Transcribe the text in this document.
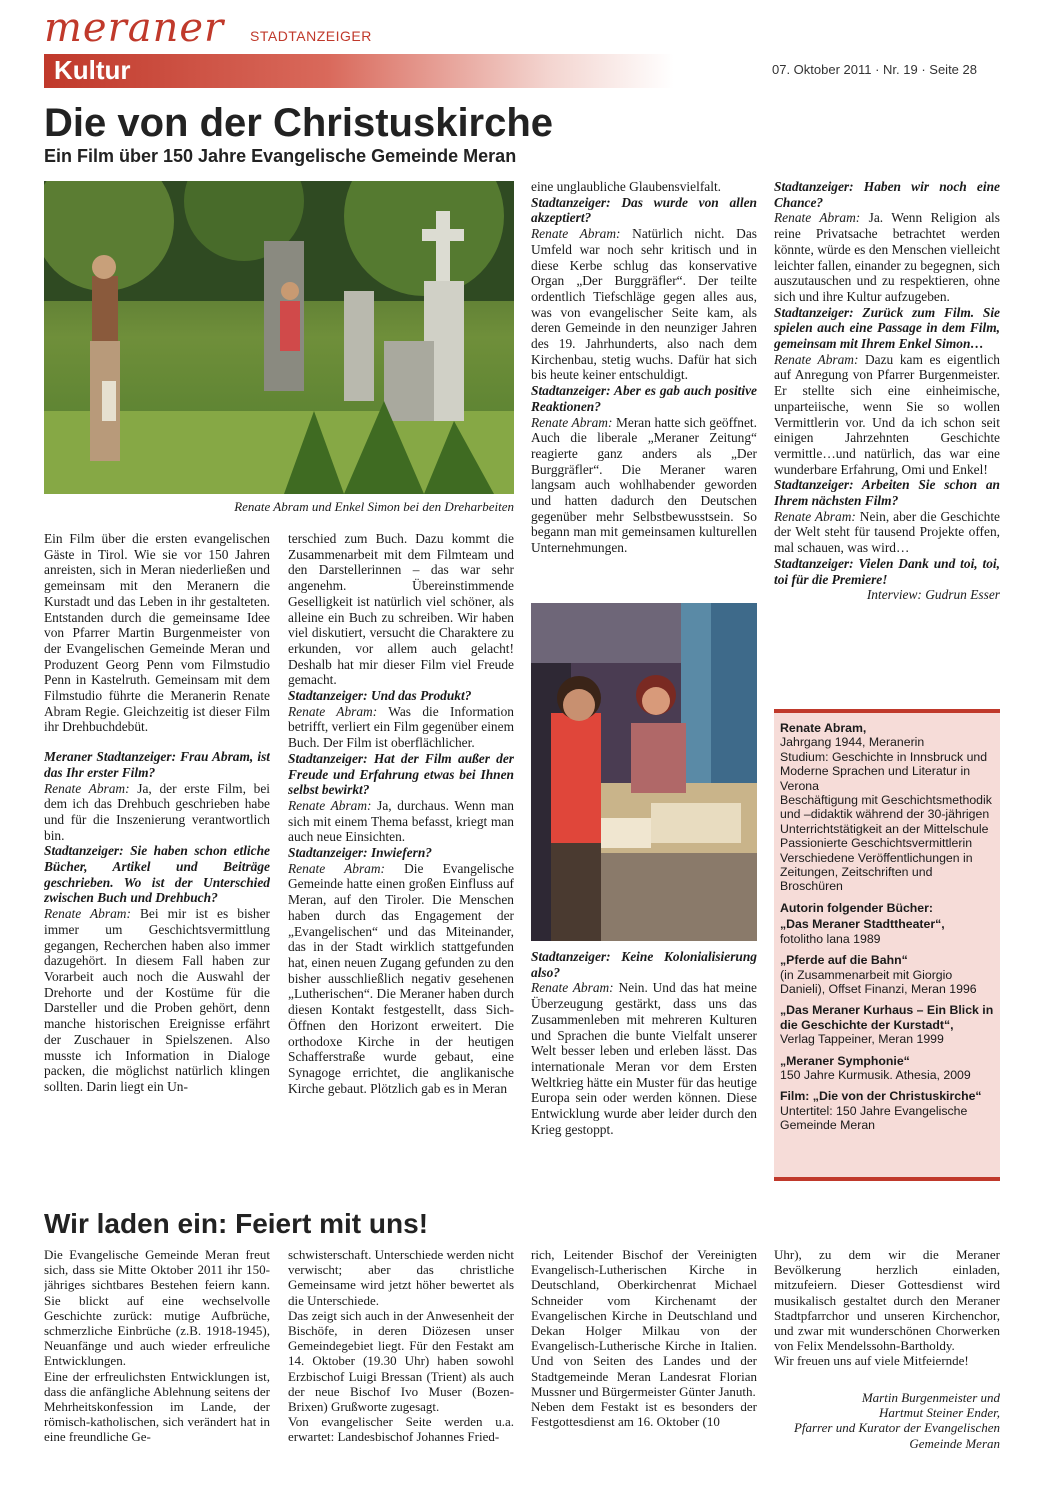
meraner STADTANZEIGER
Kultur	07. Oktober 2011 · Nr. 19 · Seite 28
Die von der Christuskirche
Ein Film über 150 Jahre Evangelische Gemeinde Meran
Renate Abram und Enkel Simon bei den Dreharbeiten

Ein Film über die ersten evangelischen Gäste in Tirol. Wie sie vor 150 Jahren anreisten, sich in Meran niederließen und gemeinsam mit den Meranern die Kurstadt und das Leben in ihr gestalteten. Entstanden durch die gemeinsame Idee von Pfarrer Martin Burgenmeister von der Evangelischen Gemeinde Meran und Produzent Georg Penn vom Filmstudio Penn in Kastelruth. Gemeinsam mit dem Filmstudio führte die Meranerin Renate Abram Regie. Gleichzeitig ist dieser Film ihr Drehbuchdebüt.

Meraner Stadtanzeiger: Frau Abram, ist das Ihr erster Film?
Renate Abram: Ja, der erste Film, bei dem ich das Drehbuch geschrieben habe und für die Inszenierung verantwortlich bin.

Stadtanzeiger: Sie haben schon etliche Bücher, Artikel und Beiträge geschrieben. Wo ist der Unterschied zwischen Buch und Drehbuch?
Renate Abram: Bei mir ist es bisher immer um Geschichtsvermittlung gegangen, Recherchen haben also immer dazugehört. In diesem Fall haben zur Vorarbeit auch noch die Auswahl der Drehorte und der Kostüme für die Darsteller und die Proben gehört, denn manche historischen Ereignisse erfährt der Zuschauer in Spielszenen. Also musste ich Information in Dialoge packen, die möglichst natürlich klingen sollten. Darin liegt ein Un-

terschied zum Buch. Dazu kommt die Zusammenarbeit mit dem Filmteam und den Darstellerinnen – das war sehr angenehm. Übereinstimmende Geselligkeit ist natürlich viel schöner, als alleine ein Buch zu schreiben. Wir haben viel diskutiert, versucht die Charaktere zu erkunden, vor allem auch gelacht! Deshalb hat mir dieser Film viel Freude gemacht.

Stadtanzeiger: Und das Produkt?
Renate Abram: Was die Information betrifft, verliert ein Film gegenüber einem Buch. Der Film ist oberflächlicher.

Stadtanzeiger: Hat der Film außer der Freude und Erfahrung etwas bei Ihnen selbst bewirkt?
Renate Abram: Ja, durchaus. Wenn man sich mit einem Thema befasst, kriegt man auch neue Einsichten.

Stadtanzeiger: Inwiefern?
Renate Abram: Die Evangelische Gemeinde hatte einen großen Einfluss auf Meran, auf den Tiroler. Die Menschen haben durch das Engagement der „Evangelischen“ und das Miteinander, das in der Stadt wirklich stattgefunden hat, einen neuen Zugang gefunden zu den bisher ausschließlich negativ gesehenen „Lutherischen“. Die Meraner haben durch diesen Kontakt festgestellt, dass Sich-Öffnen den Horizont erweitert. Die orthodoxe Kirche in der heutigen Schafferstraße wurde gebaut, eine Synagoge errichtet, die anglikanische Kirche gebaut. Plötzlich gab es in Meran

eine unglaubliche Glaubensvielfalt.

Stadtanzeiger: Das wurde von allen akzeptiert?
Renate Abram: Natürlich nicht. Das Umfeld war noch sehr kritisch und in diese Kerbe schlug das konservative Organ „Der Burggräfler“. Der teilte ordentlich Tiefschläge gegen alles aus, was von evangelischer Seite kam, als deren Gemeinde in den neunziger Jahren des 19. Jahrhunderts, also nach dem Kirchenbau, stetig wuchs. Dafür hat sich bis heute keiner entschuldigt.

Stadtanzeiger: Aber es gab auch positive Reaktionen?
Renate Abram: Meran hatte sich geöffnet. Auch die liberale „Meraner Zeitung“ reagierte ganz anders als „Der Burggräfler“. Die Meraner waren langsam auch wohlhabender geworden und hatten dadurch den Deutschen gegenüber mehr Selbstbewusstsein. So begann man mit gemeinsamen kulturellen Unternehmungen.

Stadtanzeiger: Keine Kolonialisierung also?
Renate Abram: Nein. Und das hat meine Überzeugung gestärkt, dass uns das Zusammenleben mit mehreren Kulturen und Sprachen die bunte Vielfalt unserer Welt besser leben und erleben lässt. Das internationale Meran vor dem Ersten Weltkrieg hätte ein Muster für das heutige Europa sein oder werden können. Diese Entwicklung wurde aber leider durch den Krieg gestoppt.

Stadtanzeiger: Haben wir noch eine Chance?
Renate Abram: Ja. Wenn Religion als reine Privatsache betrachtet werden könnte, würde es den Menschen vielleicht leichter fallen, einander zu begegnen, sich auszutauschen und zu respektieren, ohne sich und ihre Kultur aufzugeben.

Stadtanzeiger: Zurück zum Film. Sie spielen auch eine Passage in dem Film, gemeinsam mit Ihrem Enkel Simon…
Renate Abram: Dazu kam es eigentlich auf Anregung von Pfarrer Burgenmeister. Er stellte sich eine einheimische, unparteiische, wenn Sie so wollen Vermittlerin vor. Und da ich schon seit einigen Jahrzehnten Geschichte vermittle…und natürlich, das war eine wunderbare Erfahrung, Omi und Enkel!

Stadtanzeiger: Arbeiten Sie schon an Ihrem nächsten Film?
Renate Abram: Nein, aber die Geschichte der Welt steht für tausend Projekte offen, mal schauen, was wird…

Stadtanzeiger: Vielen Dank und toi, toi, toi für die Premiere!

Interview: Gudrun Esser

Renate Abram,
Jahrgang 1944, Meranerin
Studium: Geschichte in Innsbruck und Moderne Sprachen und Literatur in Verona
Beschäftigung mit Geschichtsmethodik und –didaktik während der 30-jährigen Unterrichtstätigkeit an der Mittelschule
Passionierte Geschichtsvermittlerin
Verschiedene Veröffentlichungen in Zeitungen, Zeitschriften und Broschüren

Autorin folgender Bücher:

„Das Meraner Stadttheater“,
fotolitho lana 1989

„Pferde auf die Bahn“
(in Zusammenarbeit mit Giorgio Danieli), Offset Finanzi, Meran 1996

„Das Meraner Kurhaus – Ein Blick in die Geschichte der Kurstadt“,
Verlag Tappeiner, Meran 1999

„Meraner Symphonie“
150 Jahre Kurmusik. Athesia, 2009

Film: „Die von der Christuskirche“
Untertitel: 150 Jahre Evangelische Gemeinde Meran

Wir laden ein: Feiert mit uns!
Die Evangelische Gemeinde Meran freut sich, dass sie Mitte Oktober 2011 ihr 150-jähriges sichtbares Bestehen feiern kann. Sie blickt auf eine wechselvolle Geschichte zurück: mutige Aufbrüche, schmerzliche Einbrüche (z.B. 1918-1945), Neuanfänge und auch wieder erfreuliche Entwicklungen.
Eine der erfreulichsten Entwicklungen ist, dass die anfängliche Ablehnung seitens der Mehrheitskonfession im Lande, der römisch-katholischen, sich verändert hat in eine freundliche Ge-
schwisterschaft. Unterschiede werden nicht verwischt; aber das christliche Gemeinsame wird jetzt höher bewertet als die Unterschiede.
Das zeigt sich auch in der Anwesenheit der Bischöfe, in deren Diözesen unser Gemeindegebiet liegt. Für den Festakt am 14. Oktober (19.30 Uhr) haben sowohl Erzbischof Luigi Bressan (Trient) als auch der neue Bischof Ivo Muser (Bozen-Brixen) Grußworte zugesagt.
Von evangelischer Seite werden u.a. erwartet: Landesbischof Johannes Fried-
rich, Leitender Bischof der Vereinigten Evangelisch-Lutherischen Kirche in Deutschland, Oberkirchenrat Michael Schneider vom Kirchenamt der Evangelischen Kirche in Deutschland und Dekan Holger Milkau von der Evangelisch-Lutherische Kirche in Italien. Und von Seiten des Landes und der Stadtgemeinde Meran Landesrat Florian Mussner und Bürgermeister Günter Januth.
Neben dem Festakt ist es besonders der Festgottesdienst am 16. Oktober (10
Uhr), zu dem wir die Meraner Bevölkerung herzlich einladen, mitzufeiern. Dieser Gottesdienst wird musikalisch gestaltet durch den Meraner Stadtpfarrchor und unseren Kirchenchor, und zwar mit wunderschönen Chorwerken von Felix Mendelssohn-Bartholdy.
Wir freuen uns auf viele Mitfeiernde!
Martin Burgenmeister und
Hartmut Steiner Ender,
Pfarrer und Kurator der Evangelischen
Gemeinde Meran
